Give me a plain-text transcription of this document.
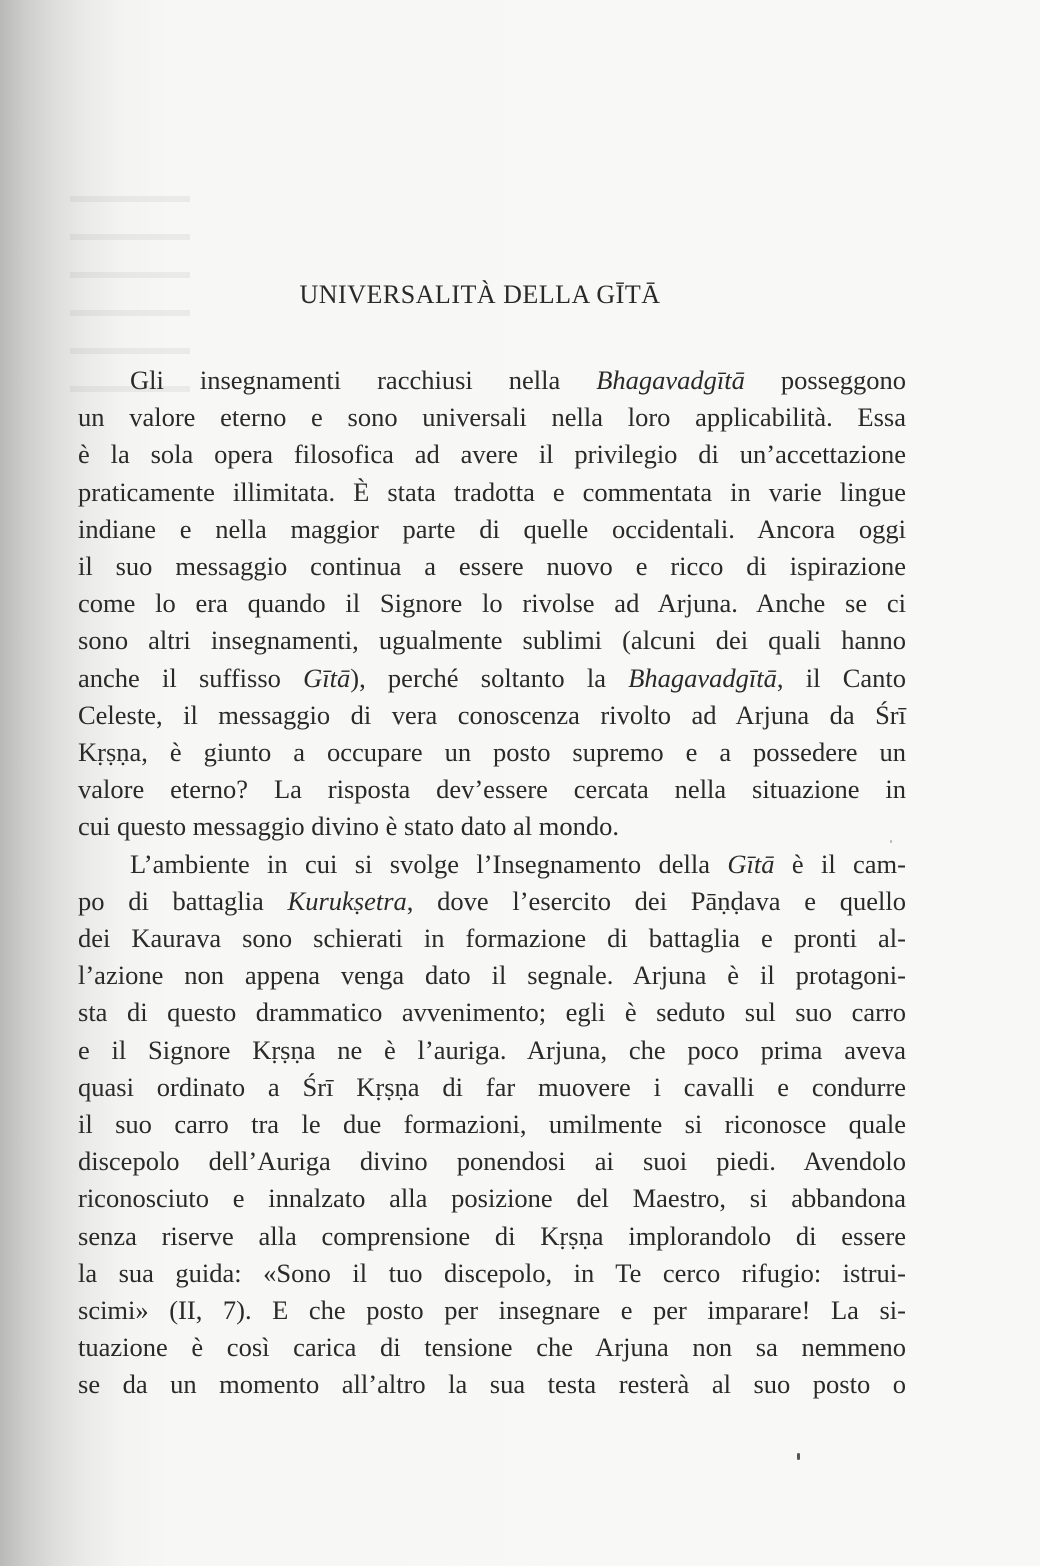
UNIVERSALITÀ DELLA GĪTĀ
Gli insegnamenti racchiusi nella Bhagavadgītā posseggono
un valore eterno e sono universali nella loro applicabilità. Essa
è la sola opera filosofica ad avere il privilegio di un’accettazione
praticamente illimitata. È stata tradotta e commentata in varie lingue
indiane e nella maggior parte di quelle occidentali. Ancora oggi
il suo messaggio continua a essere nuovo e ricco di ispirazione
come lo era quando il Signore lo rivolse ad Arjuna. Anche se ci
sono altri insegnamenti, ugualmente sublimi (alcuni dei quali hanno
anche il suffisso Gītā), perché soltanto la Bhagavadgītā, il Canto
Celeste, il messaggio di vera conoscenza rivolto ad Arjuna da Śrī
Kṛṣṇa, è giunto a occupare un posto supremo e a possedere un
valore eterno? La risposta dev’essere cercata nella situazione in
cui questo messaggio divino è stato dato al mondo.
L’ambiente in cui si svolge l’Insegnamento della Gītā è il cam-
po di battaglia Kurukṣetra, dove l’esercito dei Pāṇḍava e quello
dei Kaurava sono schierati in formazione di battaglia e pronti al-
l’azione non appena venga dato il segnale. Arjuna è il protagoni-
sta di questo drammatico avvenimento; egli è seduto sul suo carro
e il Signore Kṛṣṇa ne è l’auriga. Arjuna, che poco prima aveva
quasi ordinato a Śrī Kṛṣṇa di far muovere i cavalli e condurre
il suo carro tra le due formazioni, umilmente si riconosce quale
discepolo dell’Auriga divino ponendosi ai suoi piedi. Avendolo
riconosciuto e innalzato alla posizione del Maestro, si abbandona
senza riserve alla comprensione di Kṛṣṇa implorandolo di essere
la sua guida: «Sono il tuo discepolo, in Te cerco rifugio: istrui-
scimi» (II, 7). E che posto per insegnare e per imparare! La si-
tuazione è così carica di tensione che Arjuna non sa nemmeno
se da un momento all’altro la sua testa resterà al suo posto o
